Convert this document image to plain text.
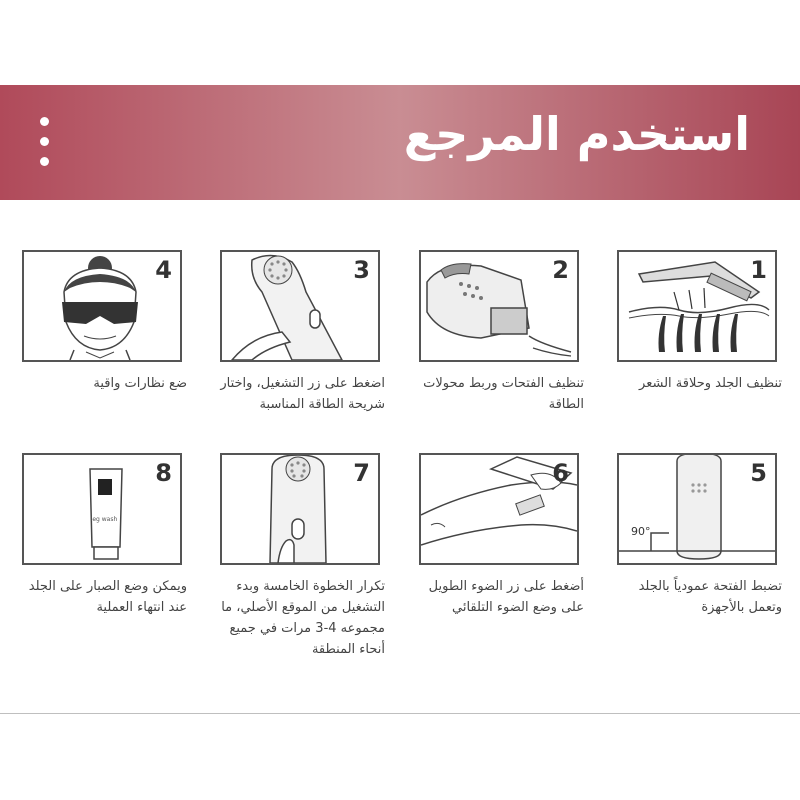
استخدم المرجع
1
تنظيف الجلد وحلاقة الشعر
2
تنظيف الفتحات وربط محولات الطاقة
3
اضغط على زر التشغيل، واختار شريحة الطاقة المناسبة
4
ضع نظارات واقية
90°
5
تضبط الفتحة عمودياً بالجلد وتعمل بالأجهزة
6
أضغط على زر الضوء الطويل على وضع الضوء التلقائي
7
تكرار الخطوة الخامسة وبدء التشغيل من الموقع الأصلي، ما مجموعه 4-3 مرات في جميع أنحاء المنطقة
leg wash
8
ويمكن وضع الصبار على الجلد عند انتهاء العملية
